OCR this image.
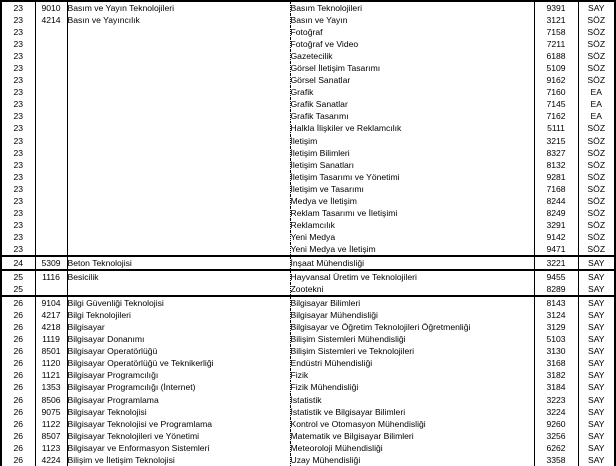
23	9010	Basım ve Yayın Teknolojileri	Basım Teknolojileri	9391	SAY
23	4214	Basın ve Yayıncılık	Basın ve Yayın	3121	SÖZ
23			Fotoğraf	7158	SÖZ
23			Fotoğraf ve Video	7211	SÖZ
23			Gazetecilik	6188	SÖZ
23			Görsel İletişim Tasarımı	5109	SÖZ
23			Görsel Sanatlar	9162	SÖZ
23			Grafik	7160	EA
23			Grafik Sanatlar	7145	EA
23			Grafik Tasarımı	7162	EA
23			Halkla İlişkiler ve Reklamcılık	5111	SÖZ
23			İletişim	3215	SÖZ
23			İletişim Bilimleri	8327	SÖZ
23			İletişim Sanatları	8132	SÖZ
23			İletişim Tasarımı ve Yönetimi	9281	SÖZ
23			İletişim ve Tasarımı	7168	SÖZ
23			Medya ve İletişim	8244	SÖZ
23			Reklam Tasarımı ve İletişimi	8249	SÖZ
23			Reklamcılık	3291	SÖZ
23			Yeni Medya	9142	SÖZ
23			Yeni Medya ve İletişim	9471	SÖZ
24	5309	Beton Teknolojisi	İnşaat Mühendisliği	3221	SAY
25	1116	Besicilik	Hayvansal Üretim ve Teknolojileri	9455	SAY
25			Zootekni	8289	SAY
26	9104	Bilgi Güvenliği Teknolojisi	Bilgisayar Bilimleri	8143	SAY
26	4217	Bilgi Teknolojileri	Bilgisayar Mühendisliği	3124	SAY
26	4218	Bilgisayar	Bilgisayar ve Öğretim Teknolojileri Öğretmenliği	3129	SAY
26	1119	Bilgisayar Donanımı	Bilişim Sistemleri Mühendisliği	5103	SAY
26	8501	Bilgisayar Operatörlüğü	Bilişim Sistemleri ve Teknolojileri	3130	SAY
26	1120	Bilgisayar Operatörlüğü ve Teknikerliği	Endüstri Mühendisliği	3168	SAY
26	1121	Bilgisayar Programcılığı	Fizik	3182	SAY
26	1353	Bilgisayar Programcılığı (İnternet)	Fizik Mühendisliği	3184	SAY
26	8506	Bilgisayar Programlama	İstatistik	3223	SAY
26	9075	Bilgisayar Teknolojisi	İstatistik ve Bilgisayar Bilimleri	3224	SAY
26	1122	Bilgisayar Teknolojisi ve Programlama	Kontrol ve Otomasyon Mühendisliği	9260	SAY
26	8507	Bilgisayar Teknolojileri ve Yönetimi	Matematik ve Bilgisayar Bilimleri	3256	SAY
26	1123	Bilgisayar ve Enformasyon Sistemleri	Meteoroloji Mühendisliği	6262	SAY
26	4224	Bilişim ve İletişim Teknolojisi	Uzay Mühendisliği	3358	SAY
